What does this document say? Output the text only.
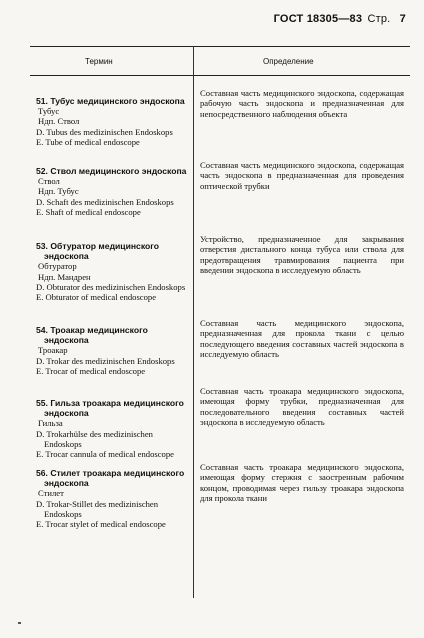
ГОСТ 18305—83 Стр. 7
Термин	Определение
51. Тубус медицинского эндоскопа
Тубус
Ндп. Ствол
D. Tubus des medizinischen Endoskops
E. Tube of medical endoscope
Составная часть медицинского эндоскопа, содержащая рабочую часть эндоскопа и предназначенная для непосредственного наблюдения объекта
52. Ствол медицинского эндоскопа
Ствол
Ндп. Тубус
D. Schaft des medizinischen Endoskops
E. Shaft of medical endoscope
Составная часть медицинского эндоскопа, содержащая часть эндоскопа в предназначенная для проведения оптической трубки
53. Обтуратор медицинского эндоскопа
Обтуратор
Ндп. Мандрен
D. Obturator des medizinischen Endoskops
E. Obturator of medical endoscope
Устройство, предназначенное для закрывания отверстия дистального конца тубуса или ствола для предотвращения травмирования пациента при введении эндоскопа в исследуемую область
54. Троакар медицинского эндоскопа
Троакар
D. Trokar des medizinischen Endoskops
E. Trocar of medical endoscope
Составная часть медицинского эндоскопа, предназначенная для прокола ткани с целью последующего введения составных частей эндоскопа в исследуемую область
55. Гильза троакара медицинского эндоскопа
Гильза
D. Trokarhülse des medizinischen Endoskops
E. Trocar cannula of medical endoscope
Составная часть троакара медицинского эндоскопа, имеющая форму трубки, предназначенная для последовательного введения составных частей эндоскопа в исследуемую область
56. Стилет троакара медицинского эндоскопа
Стилет
D. Trokar-Stillet des medizinischen Endoskops
E. Trocar stylet of medical endoscope
Составная часть троакара медицинского эндоскопа, имеющая форму стержня с заостренным рабочим концом, проводимая через гильзу троакара эндоскопа для прокола ткани
